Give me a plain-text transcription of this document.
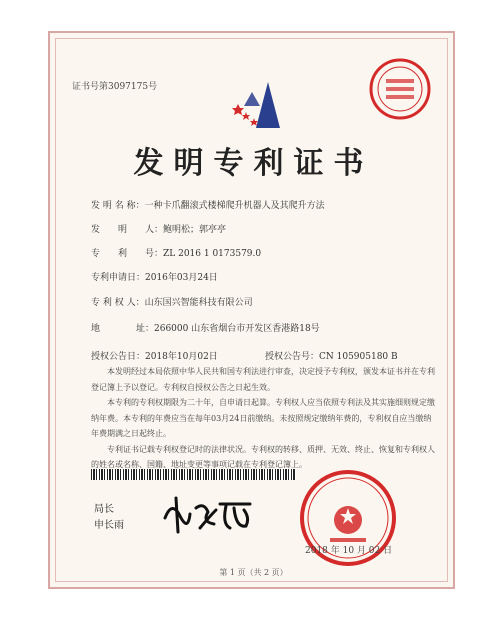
证书号第3097175号
发明专利证书
发 明 名 称：一种卡爪翻滚式楼梯爬升机器人及其爬升方法
发　　明　　人：鲍明松；郭亭亭
专　　利　　号：ZL 2016 1 0173579.0
专利申请日：2016年03月24日
专 利 权 人：山东国兴智能科技有限公司
地　　　　址：266000 山东省烟台市开发区香港路18号
授权公告日：2018年10月02日	授权公告号：CN 105905180 B

本发明经过本局依照中华人民共和国专利法进行审查，决定授予专利权，颁发本证书并在专利登记簿上予以登记。专利权自授权公告之日起生效。

本专利的专利权期限为二十年，自申请日起算。专利权人应当依照专利法及其实施细则规定缴纳年费。本专利的年费应当在每年03月24日前缴纳。未按照规定缴纳年费的，专利权自应当缴纳年费期满之日起终止。

专利证书记载专利权登记时的法律状况。专利权的转移、质押、无效、终止、恢复和专利权人的姓名或名称、国籍、地址变更等事项记载在专利登记簿上。

局长
申长雨
2018 年 10 月 02 日
第 1 页（共 2 页）
